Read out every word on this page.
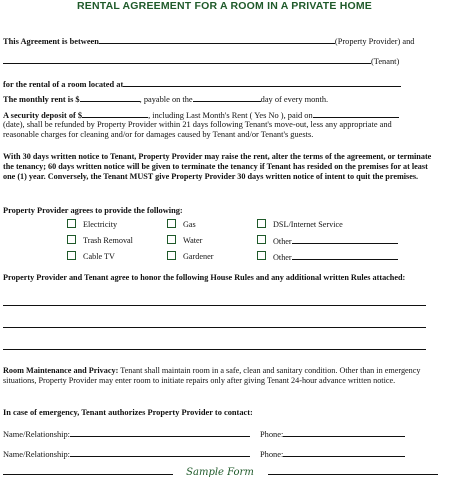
RENTAL AGREEMENT FOR A ROOM IN A PRIVATE HOME
This Agreement is between	(Property Provider) and
(Tenant)
for the rental of a room located at
The monthly rent is $	, payable on the	day of every month.
A security deposit of $	, including Last Month's Rent ( Yes No ), paid on
(date), shall be refunded by Property Provider within 21 days following Tenant's move-out, less any appropriate and
reasonable charges for cleaning and/or for damages caused by Tenant and/or Tenant's guests.
With 30 days written notice to Tenant, Property Provider may raise the rent, alter the terms of the agreement, or terminate the tenancy; 60 days written notice will be given to terminate the tenancy if Tenant has resided on the premises for at least one (1) year. Conversely, the Tenant MUST give Property Provider 30 days written notice of intent to quit the premises.
Property Provider agrees to provide the following:
Electricity	Gas	DSL/Internet Service
Trash Removal	Water	Other
Cable TV	Gardener	Other
Property Provider and Tenant agree to honor the following House Rules and any additional written Rules attached:
Room Maintenance and Privacy: Tenant shall maintain room in a safe, clean and sanitary condition. Other than in emergency situations, Property Provider may enter room to initiate repairs only after giving Tenant 24-hour advance written notice.
In case of emergency, Tenant authorizes Property Provider to contact:
Name/Relationship:	Phone:
Name/Relationship:	Phone:
Sample Form
